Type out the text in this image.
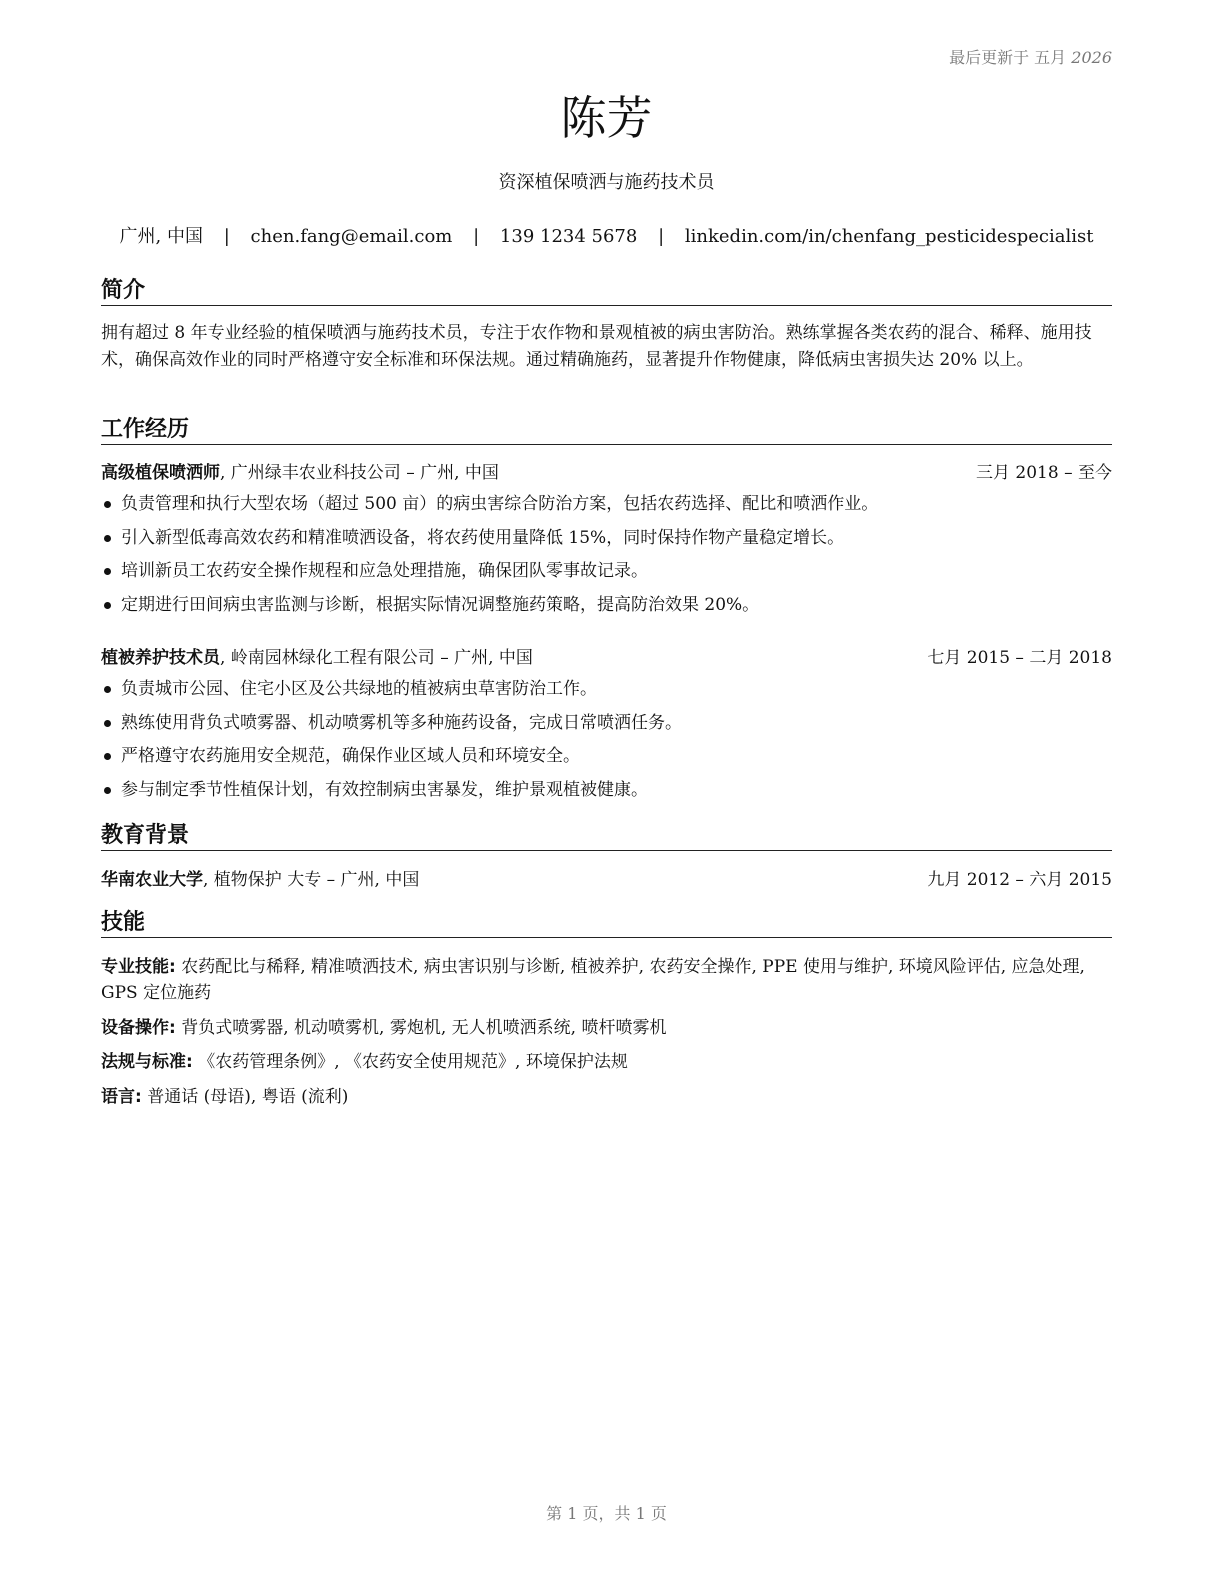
最后更新于 五月 2026
陈芳
资深植保喷洒与施药技术员
广州, 中国 | chen.fang@email.com | 139 1234 5678 | linkedin.com/in/chenfang_pesticidespecialist
简介
拥有超过 8 年专业经验的植保喷洒与施药技术员，专注于农作物和景观植被的病虫害防治。熟练掌握各类农药的混合、稀释、施用技术，确保高效作业的同时严格遵守安全标准和环保法规。通过精确施药，显著提升作物健康，降低病虫害损失达 20% 以上。
工作经历
高级植保喷洒师, 广州绿丰农业科技公司 – 广州, 中国	三月 2018 – 至今
负责管理和执行大型农场（超过 500 亩）的病虫害综合防治方案，包括农药选择、配比和喷洒作业。
引入新型低毒高效农药和精准喷洒设备，将农药使用量降低 15%，同时保持作物产量稳定增长。
培训新员工农药安全操作规程和应急处理措施，确保团队零事故记录。
定期进行田间病虫害监测与诊断，根据实际情况调整施药策略，提高防治效果 20%。
植被养护技术员, 岭南园林绿化工程有限公司 – 广州, 中国	七月 2015 – 二月 2018
负责城市公园、住宅小区及公共绿地的植被病虫草害防治工作。
熟练使用背负式喷雾器、机动喷雾机等多种施药设备，完成日常喷洒任务。
严格遵守农药施用安全规范，确保作业区域人员和环境安全。
参与制定季节性植保计划，有效控制病虫害暴发，维护景观植被健康。
教育背景
华南农业大学, 植物保护 大专 – 广州, 中国	九月 2012 – 六月 2015
技能
专业技能: 农药配比与稀释, 精准喷洒技术, 病虫害识别与诊断, 植被养护, 农药安全操作, PPE 使用与维护, 环境风险评估, 应急处理, GPS 定位施药
设备操作: 背负式喷雾器, 机动喷雾机, 雾炮机, 无人机喷洒系统, 喷杆喷雾机
法规与标准: 《农药管理条例》, 《农药安全使用规范》, 环境保护法规
语言: 普通话 (母语), 粤语 (流利)
第 1 页，共 1 页
